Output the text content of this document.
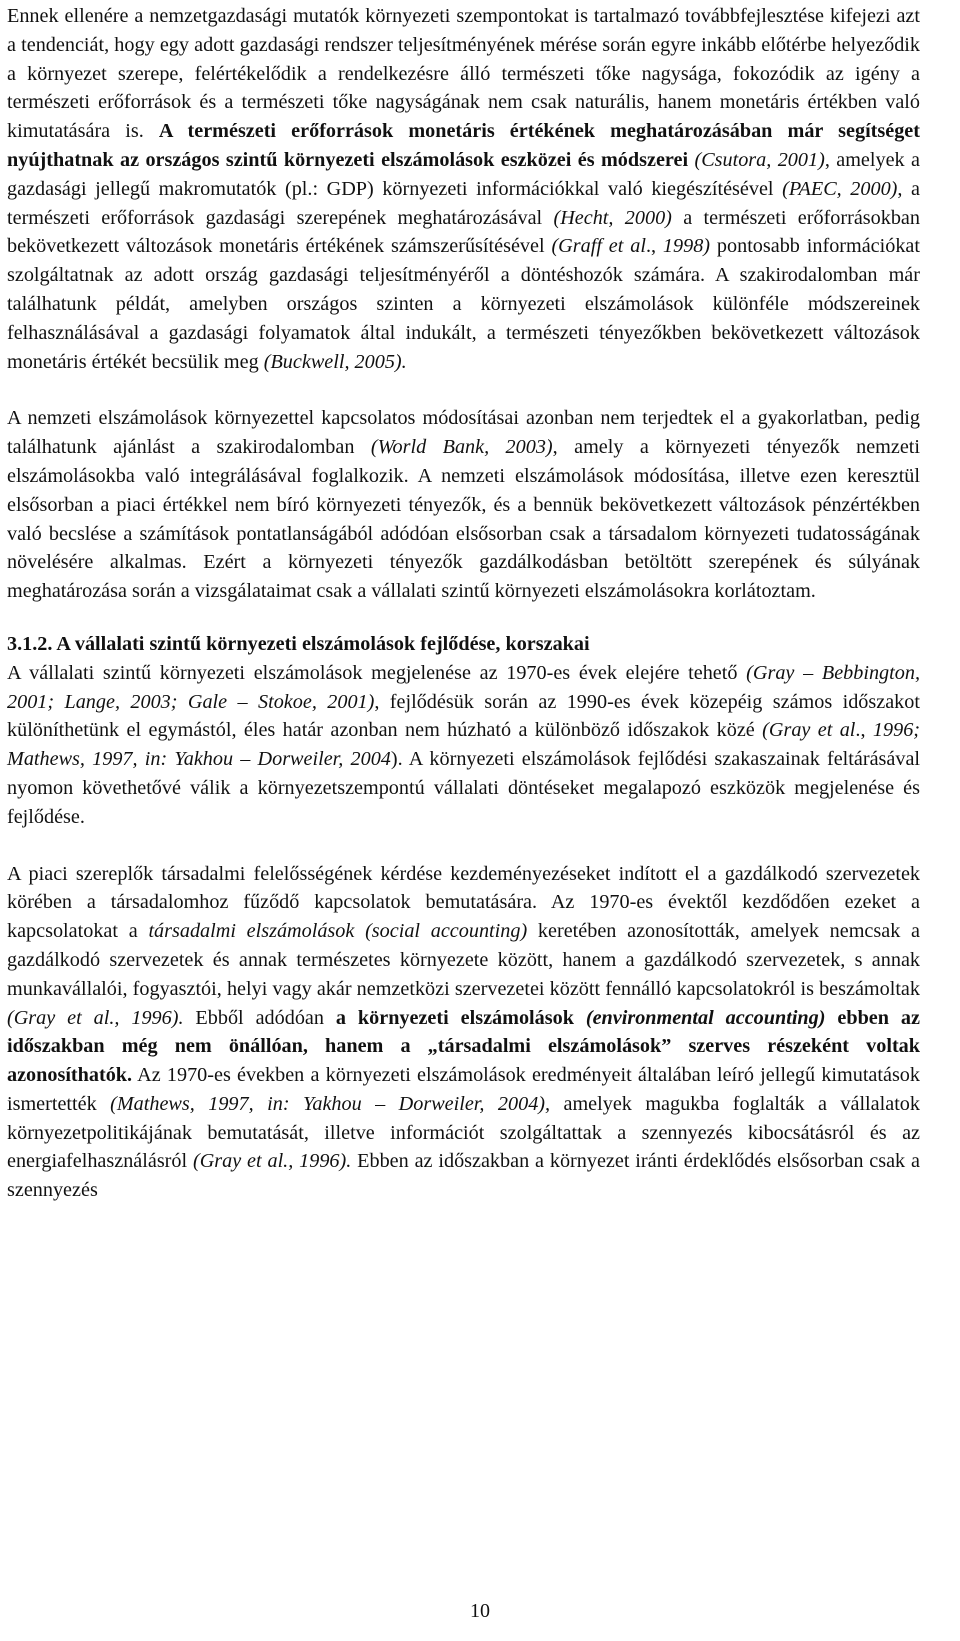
Ennek ellenére a nemzetgazdasági mutatók környezeti szempontokat is tartalmazó továbbfejlesztése kifejezi azt a tendenciát, hogy egy adott gazdasági rendszer teljesítményének mérése során egyre inkább előtérbe helyeződik a környezet szerepe, felértékelődik a rendelkezésre álló természeti tőke nagysága, fokozódik az igény a természeti erőforrások és a természeti tőke nagyságának nem csak naturális, hanem monetáris értékben való kimutatására is. A természeti erőforrások monetáris értékének meghatározásában már segítséget nyújthatnak az országos szintű környezeti elszámolások eszközei és módszerei (Csutora, 2001), amelyek a gazdasági jellegű makromutatók (pl.: GDP) környezeti információkkal való kiegészítésével (PAEC, 2000), a természeti erőforrások gazdasági szerepének meghatározásával (Hecht, 2000) a természeti erőforrásokban bekövetkezett változások monetáris értékének számszerűsítésével (Graff et al., 1998) pontosabb információkat szolgáltatnak az adott ország gazdasági teljesítményéről a döntéshozók számára. A szakirodalomban már találhatunk példát, amelyben országos szinten a környezeti elszámolások különféle módszereinek felhasználásával a gazdasági folyamatok által indukált, a természeti tényezőkben bekövetkezett változások monetáris értékét becsülik meg (Buckwell, 2005).

A nemzeti elszámolások környezettel kapcsolatos módosításai azonban nem terjedtek el a gyakorlatban, pedig találhatunk ajánlást a szakirodalomban (World Bank, 2003), amely a környezeti tényezők nemzeti elszámolásokba való integrálásával foglalkozik. A nemzeti elszámolások módosítása, illetve ezen keresztül elsősorban a piaci értékkel nem bíró környezeti tényezők, és a bennük bekövetkezett változások pénzértékben való becslése a számítások pontatlanságából adódóan elsősorban csak a társadalom környezeti tudatosságának növelésére alkalmas. Ezért a környezeti tényezők gazdálkodásban betöltött szerepének és súlyának meghatározása során a vizsgálataimat csak a vállalati szintű környezeti elszámolásokra korlátoztam.

3.1.2. A vállalati szintű környezeti elszámolások fejlődése, korszakai

A vállalati szintű környezeti elszámolások megjelenése az 1970-es évek elejére tehető (Gray – Bebbington, 2001; Lange, 2003; Gale – Stokoe, 2001), fejlődésük során az 1990-es évek közepéig számos időszakot különíthetünk el egymástól, éles határ azonban nem húzható a különböző időszakok közé (Gray et al., 1996; Mathews, 1997, in: Yakhou – Dorweiler, 2004). A környezeti elszámolások fejlődési szakaszainak feltárásával nyomon követhetővé válik a környezetszempontú vállalati döntéseket megalapozó eszközök megjelenése és fejlődése.

A piaci szereplők társadalmi felelősségének kérdése kezdeményezéseket indított el a gazdálkodó szervezetek körében a társadalomhoz fűződő kapcsolatok bemutatására. Az 1970-es évektől kezdődően ezeket a kapcsolatokat a társadalmi elszámolások (social accounting) keretében azonosították, amelyek nemcsak a gazdálkodó szervezetek és annak természetes környezete között, hanem a gazdálkodó szervezetek, s annak munkavállalói, fogyasztói, helyi vagy akár nemzetközi szervezetei között fennálló kapcsolatokról is beszámoltak (Gray et al., 1996). Ebből adódóan a környezeti elszámolások (environmental accounting) ebben az időszakban még nem önállóan, hanem a „társadalmi elszámolások” szerves részeként voltak azonosíthatók. Az 1970-es években a környezeti elszámolások eredményeit általában leíró jellegű kimutatások ismertették (Mathews, 1997, in: Yakhou – Dorweiler, 2004), amelyek magukba foglalták a vállalatok környezetpolitikájának bemutatását, illetve információt szolgáltattak a szennyezés kibocsátásról és az energiafelhasználásról (Gray et al., 1996). Ebben az időszakban a környezet iránti érdeklődés elsősorban csak a szennyezés

10
